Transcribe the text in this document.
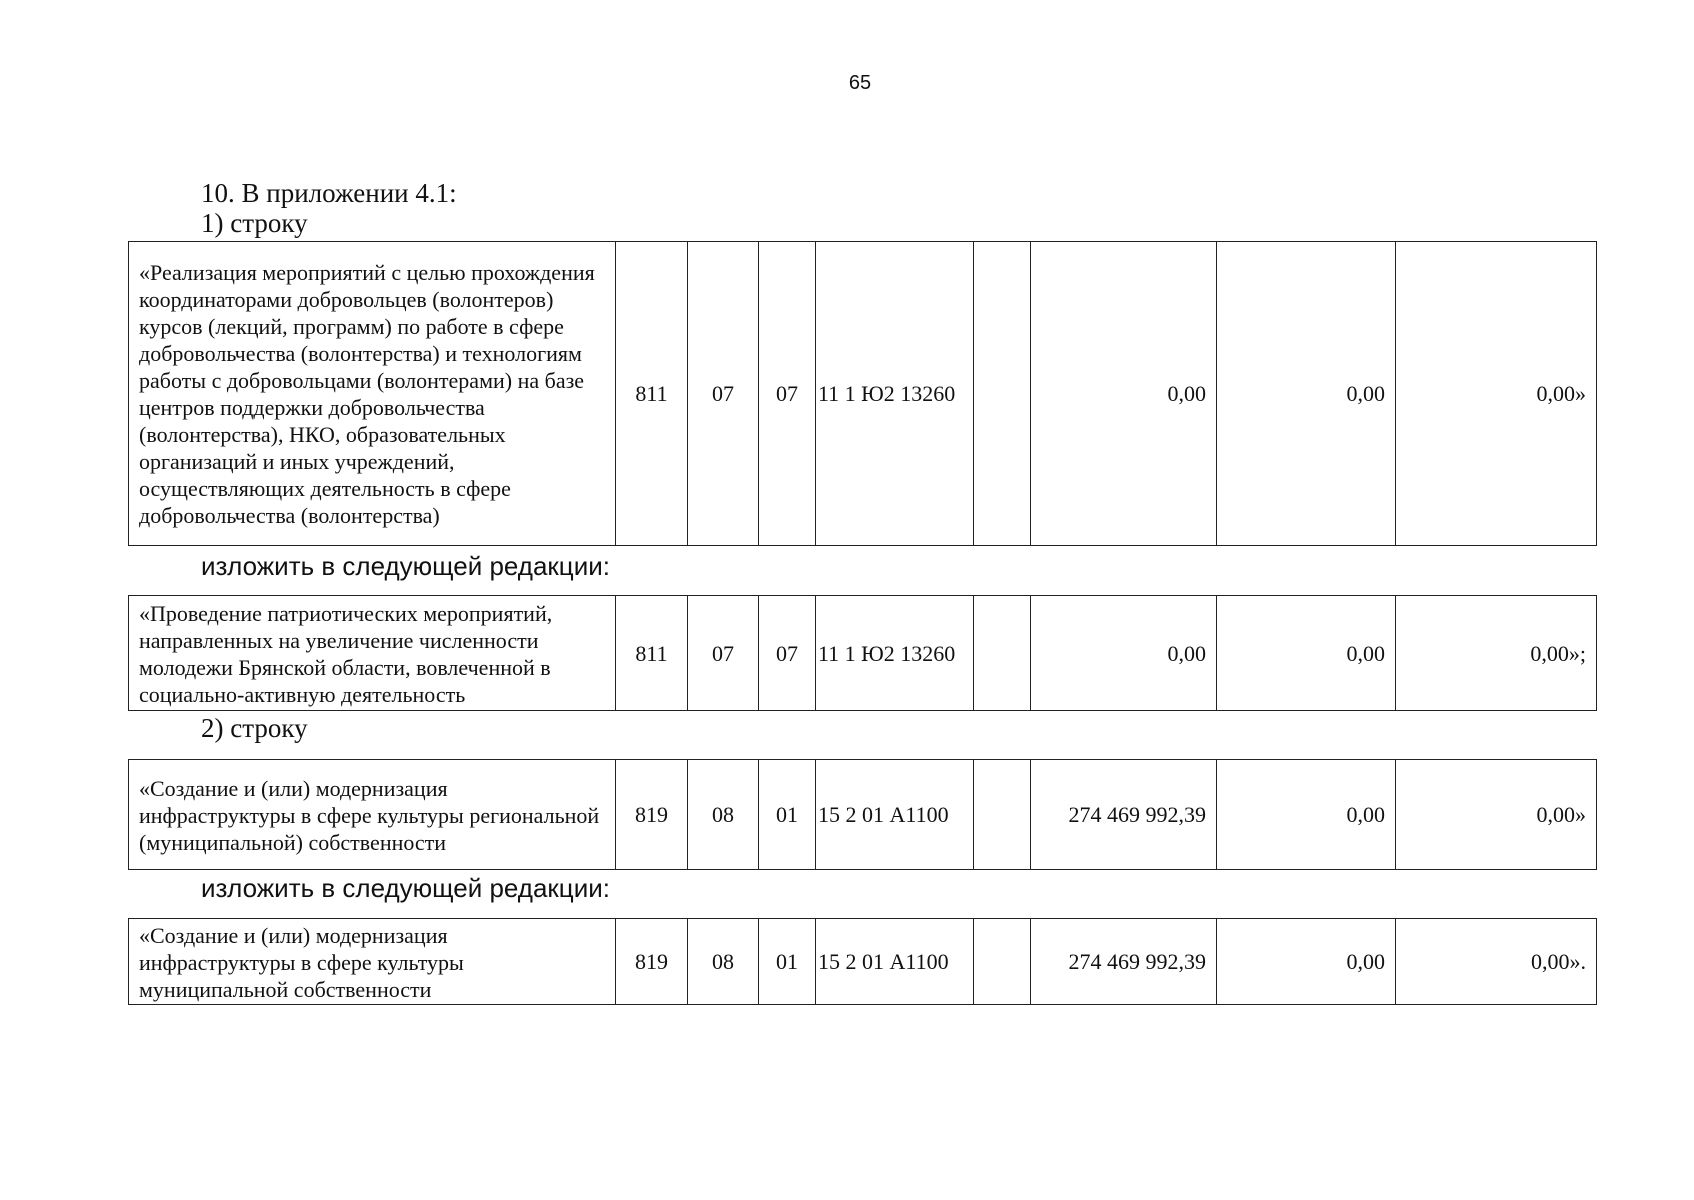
65
10. В приложении 4.1:
1) строку
«Реализация мероприятий с целью прохождения координаторами добровольцев (волонтеров) курсов (лекций, программ) по работе в сфере добровольчества (волонтерства) и технологиям работы с добровольцами (волонтерами) на базе центров поддержки добровольчества (волонтерства), НКО, образовательных организаций и иных учреждений, осуществляющих деятельность в сфере добровольчества (волонтерства)	811	07	07	11 1 Ю2 13260		0,00	0,00	0,00»
изложить в следующей редакции:
«Проведение патриотических мероприятий, направленных на увеличение численности молодежи Брянской области, вовлеченной в социально-активную деятельность	811	07	07	11 1 Ю2 13260		0,00	0,00	0,00»;
2) строку
«Создание и (или) модернизация инфраструктуры в сфере культуры региональной (муниципальной) собственности	819	08	01	15 2 01 А1100		274 469 992,39	0,00	0,00»
изложить в следующей редакции:
«Создание и (или) модернизация инфраструктуры в сфере культуры муниципальной собственности	819	08	01	15 2 01 А1100		274 469 992,39	0,00	0,00».
